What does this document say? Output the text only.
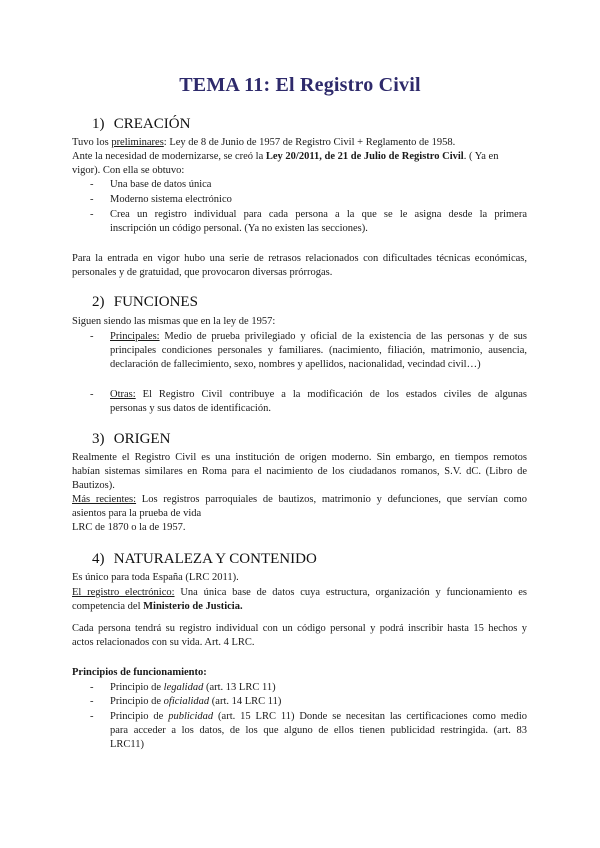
TEMA 11: El Registro Civil
1) CREACIÓN
Tuvo los preliminares: Ley de 8 de Junio de 1957 de Registro Civil + Reglamento de 1958.
Ante la necesidad de modernizarse, se creó la Ley 20/2011, de 21 de Julio de Registro Civil. ( Ya en
vigor). Con ella se obtuvo:
- Una base de datos única
- Moderno sistema electrónico
- Crea un registro individual para cada persona a la que se le asigna desde la primera
inscripción un código personal. (Ya no existen las secciones).
Para la entrada en vigor hubo una serie de retrasos relacionados con dificultades técnicas económicas,
personales y de gratuidad, que provocaron diversas prórrogas.
2) FUNCIONES
Siguen siendo las mismas que en la ley de 1957:
- Principales: Medio de prueba privilegiado y oficial de la existencia de las personas y de sus
principales condiciones personales y familiares. (nacimiento, filiación, matrimonio, ausencia,
declaración de fallecimiento, sexo, nombres y apellidos, nacionalidad, vecindad civil…)
- Otras: El Registro Civil contribuye a la modificación de los estados civiles de algunas
personas y sus datos de identificación.
3) ORIGEN
Realmente el Registro Civil es una institución de origen moderno. Sin embargo, en tiempos remotos
habían sistemas similares en Roma para el nacimiento de los ciudadanos romanos, S.V. dC. (Libro de
Bautizos).
Más recientes: Los registros parroquiales de bautizos, matrimonio y defunciones, que servían como
asientos para la prueba de vida
LRC de 1870 o la de 1957.
4) NATURALEZA Y CONTENIDO
Es único para toda España (LRC 2011).
El registro electrónico: Una única base de datos cuya estructura, organización y funcionamiento es
competencia del Ministerio de Justicia.
Cada persona tendrá su registro individual con un código personal y podrá inscribir hasta 15 hechos y
actos relacionados con su vida. Art. 4 LRC.
Principios de funcionamiento:
- Principio de legalidad (art. 13 LRC 11)
- Principio de oficialidad (art. 14 LRC 11)
- Principio de publicidad (art. 15 LRC 11) Donde se necesitan las certificaciones como medio
para acceder a los datos, de los que alguno de ellos tienen publicidad restringida. (art. 83
LRC11)
